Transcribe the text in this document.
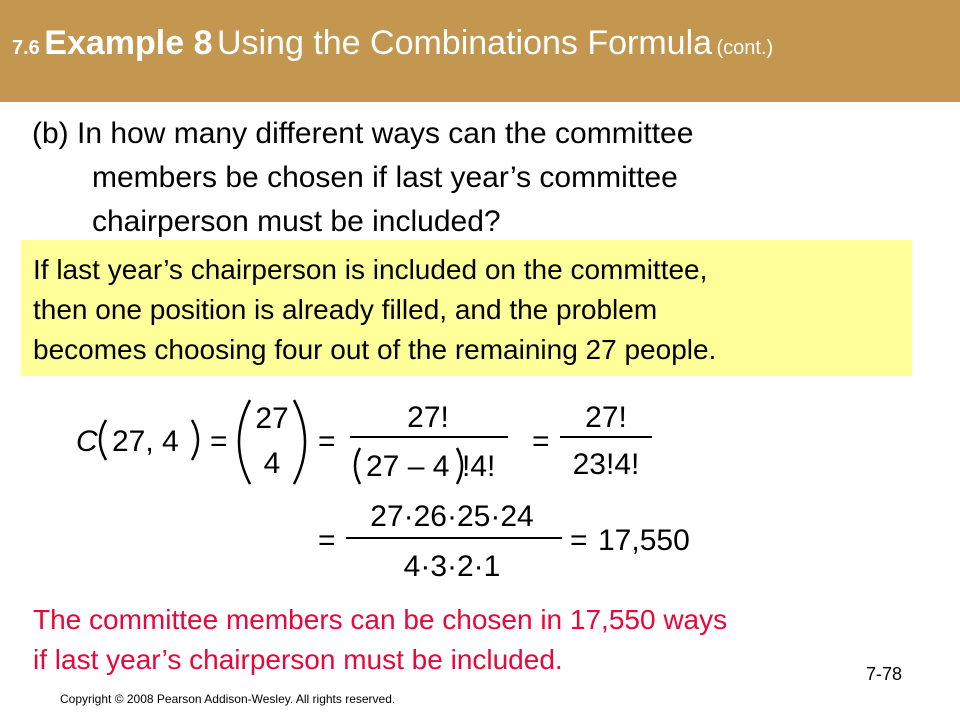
7.6 Example 8 Using the Combinations Formula (cont.)
(b) In how many different ways can the committee
members be chosen if last year’s committee
chairperson must be included?
If last year’s chairperson is included on the committee,
then one position is already filled, and the problem
becomes choosing four out of the remaining 27 people.
C 27, 4 =
27
4
=
27!
27 – 4 !4!
=
27!
23!4!
=
27·26·25·24
4·3·2·1
= 17,550
The committee members can be chosen in 17,550 ways
if last year’s chairperson must be included.
Copyright © 2008 Pearson Addison-Wesley. All rights reserved.
7-78
